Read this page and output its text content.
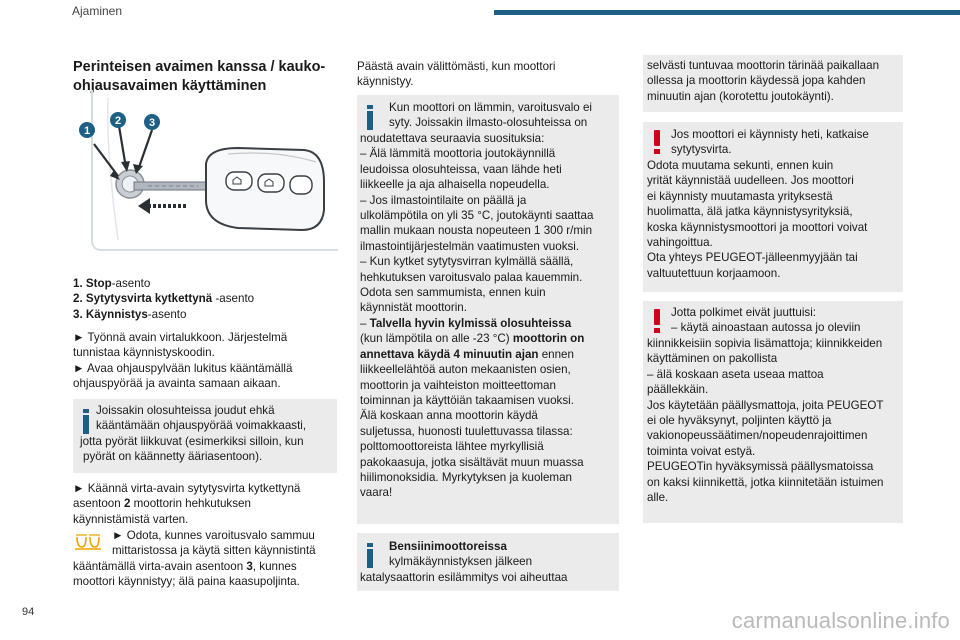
Ajaminen
Perinteisen avaimen kanssa / kauko-
ohjausavaimen käyttäminen
1
2	3
1. Stop-asento
2. Sytytysvirta kytkettynä -asento
3. Käynnistys-asento
► Työnnä avain virtalukkoon. Järjestelmä
tunnistaa käynnistyskoodin.
► Avaa ohjauspylvään lukitus kääntämällä
ohjauspyörää ja avainta samaan aikaan.
Joissakin olosuhteissa joudut ehkä
kääntämään ohjauspyörää voimakkaasti,
jotta pyörät liikkuvat (esimerkiksi silloin, kun
pyörät on käännetty ääriasentoon).
► Käännä virta-avain sytytysvirta kytkettynä
asentoon 2 moottorin hehkutuksen
käynnistämistä varten.
► Odota, kunnes varoitusvalo sammuu
mittaristossa ja käytä sitten käynnistintä
kääntämällä virta-avain asentoon 3, kunnes
moottori käynnistyy; älä paina kaasupoljinta.
Päästä avain välittömästi, kun moottori
käynnistyy.
Kun moottori on lämmin, varoitusvalo ei
syty. Joissakin ilmasto-olosuhteissa on
noudatettava seuraavia suosituksia:
– Älä lämmitä moottoria joutokäynnillä
leudoissa olosuhteissa, vaan lähde heti
liikkeelle ja aja alhaisella nopeudella.
– Jos ilmastointilaite on päällä ja
ulkolämpötila on yli 35 °C, joutokäynti saattaa
mallin mukaan nousta nopeuteen 1 300 r/min
ilmastointijärjestelmän vaatimusten vuoksi.
– Kun kytket sytytysvirran kylmällä säällä,
hehkutuksen varoitusvalo palaa kauemmin.
Odota sen sammumista, ennen kuin
käynnistät moottorin.
– Talvella hyvin kylmissä olosuhteissa
(kun lämpötila on alle -23 °C) moottorin on
annettava käydä 4 minuutin ajan ennen
liikkeellelähtöä auton mekaanisten osien,
moottorin ja vaihteiston moitteettoman
toiminnan ja käyttöiän takaamisen vuoksi.
Älä koskaan anna moottorin käydä
suljetussa, huonosti tuulettuvassa tilassa:
polttomoottoreista lähtee myrkyllisiä
pakokaasuja, jotka sisältävät muun muassa
hiilimonoksidia. Myrkytyksen ja kuoleman
vaara!
Bensiinimoottoreissa
kylmäkäynnistyksen jälkeen
katalysaattorin esilämmitys voi aiheuttaa
selvästi tuntuvaa moottorin tärinää paikallaan
ollessa ja moottorin käydessä jopa kahden
minuutin ajan (korotettu joutokäynti).
Jos moottori ei käynnisty heti, katkaise
sytytysvirta.
Odota muutama sekunti, ennen kuin
yrität käynnistää uudelleen. Jos moottori
ei käynnisty muutamasta yrityksestä
huolimatta, älä jatka käynnistysyrityksiä,
koska käynnistysmoottori ja moottori voivat
vahingoittua.
Ota yhteys PEUGEOT-jälleenmyyjään tai
valtuutettuun korjaamoon.
Jotta polkimet eivät juuttuisi:
– käytä ainoastaan autossa jo oleviin
kiinnikkeisiin sopivia lisämattoja; kiinnikkeiden
käyttäminen on pakollista
– älä koskaan aseta useaa mattoa
päällekkäin.
Jos käytetään päällysmattoja, joita PEUGEOT
ei ole hyväksynyt, poljinten käyttö ja
vakionopeussäätimen/nopeudenrajoittimen
toiminta voivat estyä.
PEUGEOTin hyväksymissä päällysmatoissa
on kaksi kiinnikettä, jotka kiinnitetään istuimen
alle.
94	carmanualsonline.info
